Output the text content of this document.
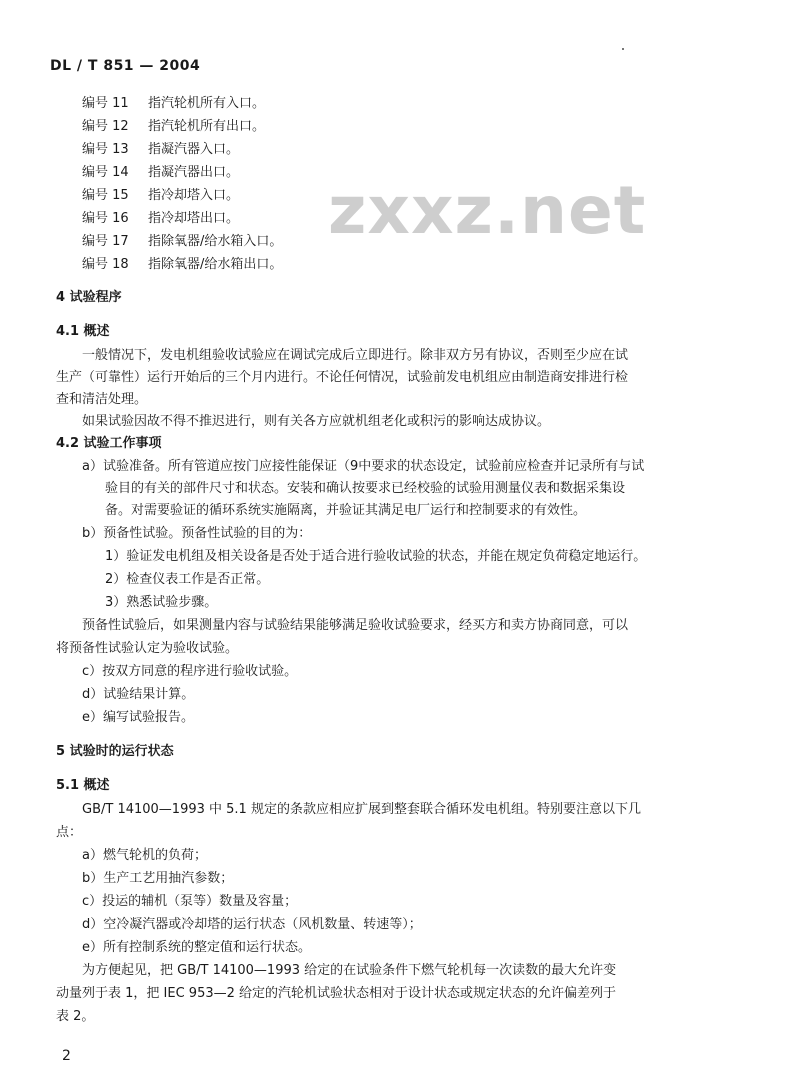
DL / T 851 — 2004
zxxz.net
编号 11 指汽轮机所有入口。
编号 12 指汽轮机所有出口。
编号 13 指凝汽器入口。
编号 14 指凝汽器出口。
编号 15 指冷却塔入口。
编号 16 指冷却塔出口。
编号 17 指除氧器/给水箱入口。
编号 18 指除氧器/给水箱出口。
4 试验程序
4.1 概述
一般情况下，发电机组验收试验应在调试完成后立即进行。除非双方另有协议，否则至少应在试
生产（可靠性）运行开始后的三个月内进行。不论任何情况，试验前发电机组应由制造商安排进行检
查和清洁处理。
如果试验因故不得不推迟进行，则有关各方应就机组老化或积污的影响达成协议。
4.2 试验工作事项
a）试验准备。所有管道应按门应接性能保证（9中要求的状态设定，试验前应检查并记录所有与试
验目的有关的部件尺寸和状态。安装和确认按要求已经校验的试验用测量仪表和数据采集设
备。对需要验证的循环系统实施隔离，并验证其满足电厂运行和控制要求的有效性。
b）预备性试验。预备性试验的目的为：
1）验证发电机组及相关设备是否处于适合进行验收试验的状态，并能在规定负荷稳定地运行。
2）检查仪表工作是否正常。
3）熟悉试验步骤。
预备性试验后，如果测量内容与试验结果能够满足验收试验要求，经买方和卖方协商同意，可以
将预备性试验认定为验收试验。
c）按双方同意的程序进行验收试验。
d）试验结果计算。
e）编写试验报告。
5 试验时的运行状态
5.1 概述
GB/T 14100—1993 中 5.1 规定的条款应相应扩展到整套联合循环发电机组。特别要注意以下几
点：
a）燃气轮机的负荷；
b）生产工艺用抽汽参数；
c）投运的辅机（泵等）数量及容量；
d）空冷凝汽器或冷却塔的运行状态（风机数量、转速等）；
e）所有控制系统的整定值和运行状态。
为方便起见，把 GB/T 14100—1993 给定的在试验条件下燃气轮机每一次读数的最大允许变
动量列于表 1，把 IEC 953—2 给定的汽轮机试验状态相对于设计状态或规定状态的允许偏差列于
表 2。
2
